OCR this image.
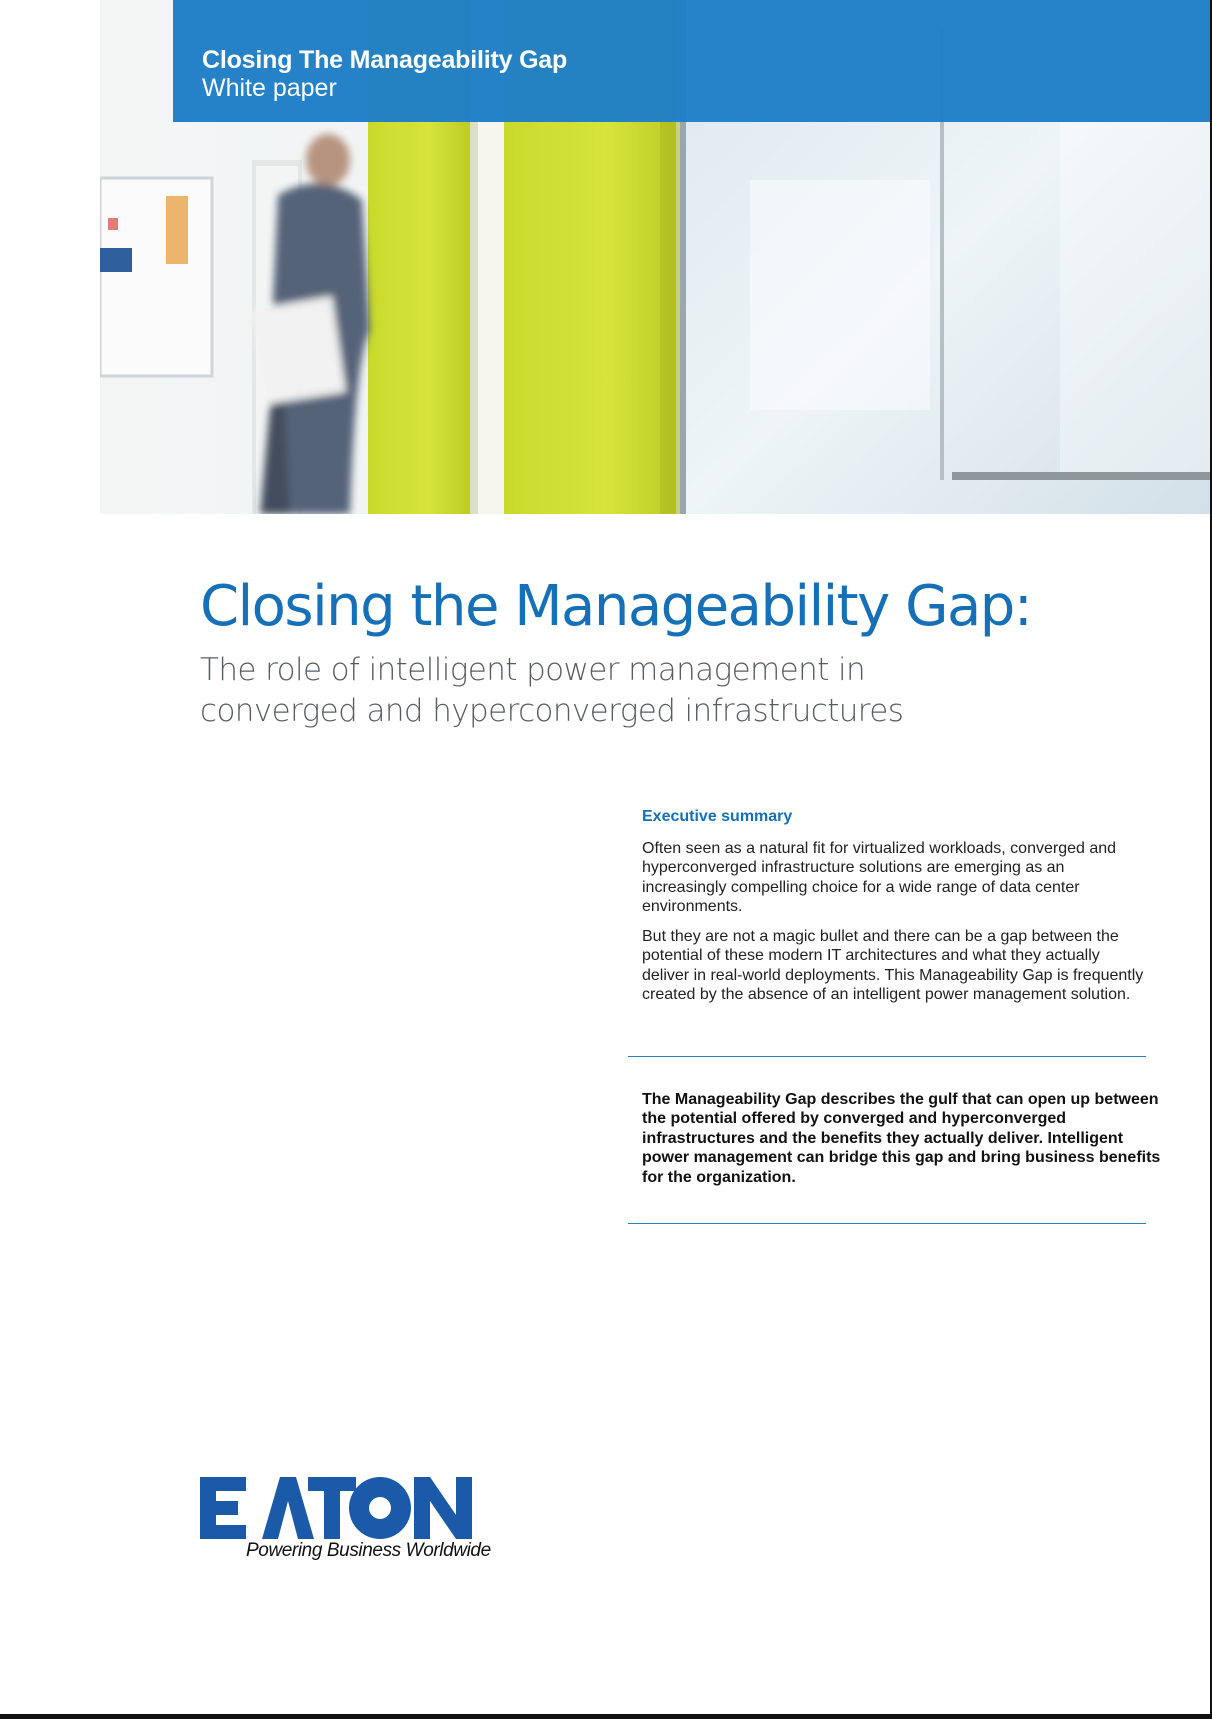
Closing The Manageability Gap
White paper
Closing the Manageability Gap:
The role of intelligent power management in converged and hyperconverged infrastructures
Executive summary

Often seen as a natural fit for virtualized workloads, converged and hyperconverged infrastructure solutions are emerging as an increasingly compelling choice for a wide range of data center environments.

But they are not a magic bullet and there can be a gap between the potential of these modern IT architectures and what they actually deliver in real-world deployments. This Manageability Gap is frequently created by the absence of an intelligent power management solution.

The Manageability Gap describes the gulf that can open up between the potential offered by converged and hyperconverged infrastructures and the benefits they actually deliver. Intelligent power management can bridge this gap and bring business benefits for the organization.
Powering Business Worldwide
